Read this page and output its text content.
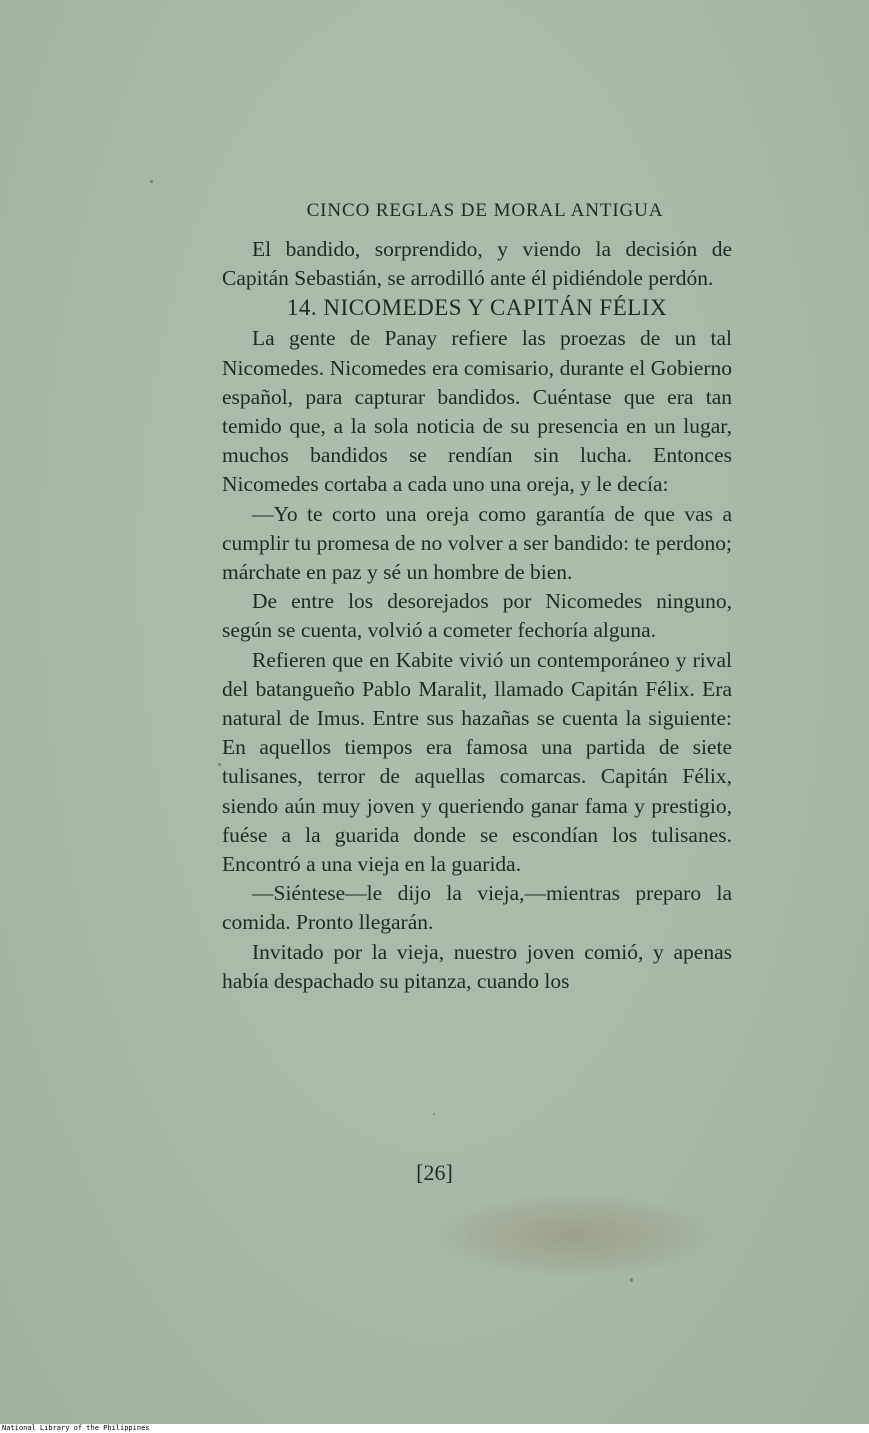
CINCO REGLAS DE MORAL ANTIGUA

El bandido, sorprendido, y viendo la decisión de Capitán Sebastián, se arrodilló ante él pidiéndole perdón.

14. NICOMEDES Y CAPITÁN FÉLIX

La gente de Panay refiere las proezas de un tal Nicomedes. Nicomedes era comisario, durante el Gobierno español, para capturar bandidos. Cuéntase que era tan temido que, a la sola noticia de su presencia en un lugar, muchos bandidos se rendían sin lucha. Entonces Nicomedes cortaba a cada uno una oreja, y le decía:

—Yo te corto una oreja como garantía de que vas a cumplir tu promesa de no volver a ser bandido: te perdono; márchate en paz y sé un hombre de bien.

De entre los desorejados por Nicomedes ninguno, según se cuenta, volvió a cometer fechoría alguna.

Refieren que en Kabite vivió un contemporáneo y rival del batangueño Pablo Maralit, llamado Capitán Félix. Era natural de Imus. Entre sus hazañas se cuenta la siguiente: En aquellos tiempos era famosa una partida de siete tulisanes, terror de aquellas comarcas. Capitán Félix, siendo aún muy joven y queriendo ganar fama y prestigio, fuése a la guarida donde se escondían los tulisanes. Encontró a una vieja en la guarida.

—Siéntese—le dijo la vieja,—mientras preparo la comida. Pronto llegarán.

Invitado por la vieja, nuestro joven comió, y apenas había despachado su pitanza, cuando los

[26]
National Library of the Philippines
